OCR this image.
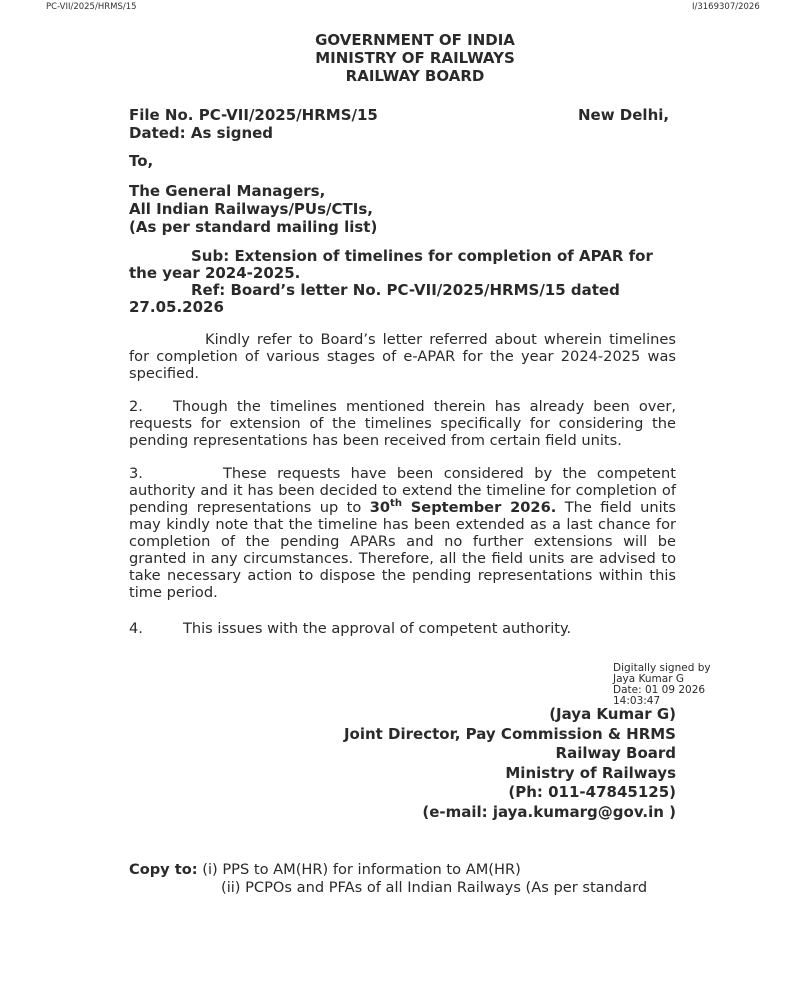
PC-VII/2025/HRMS/15	I/3169307/2026
GOVERNMENT OF INDIA
MINISTRY OF RAILWAYS
RAILWAY BOARD
File No. PC-VII/2025/HRMS/15	New Delhi,
Dated: As signed
To,
The General Managers,
All Indian Railways/PUs/CTIs,
(As per standard mailing list)
Sub: Extension of timelines for completion of APAR for
the year 2024-2025.
Ref: Board’s letter No. PC-VII/2025/HRMS/15 dated
27.05.2026
Kindly refer to Board’s letter referred about wherein timelines for completion of various stages of e-APAR for the year 2024-2025 was specified.
2. Though the timelines mentioned therein has already been over, requests for extension of the timelines specifically for considering the pending representations has been received from certain field units.
3.	These requests have been considered by the competent authority and it has been decided to extend the timeline for completion of pending representations up to 30th September 2026. The field units may kindly note that the timeline has been extended as a last chance for completion of the pending APARs and no further extensions will be granted in any circumstances. Therefore, all the field units are advised to take necessary action to dispose the pending representations within this time period.
4.	This issues with the approval of competent authority.
Digitally signed by
Jaya Kumar G
Date: 01 09 2026
14:03:47
(Jaya Kumar G)
Joint Director, Pay Commission & HRMS
Railway Board
Ministry of Railways
(Ph: 011-47845125)
(e-mail: jaya.kumarg@gov.in )
Copy to: (i) PPS to AM(HR) for information to AM(HR)
(ii) PCPOs and PFAs of all Indian Railways (As per standard
